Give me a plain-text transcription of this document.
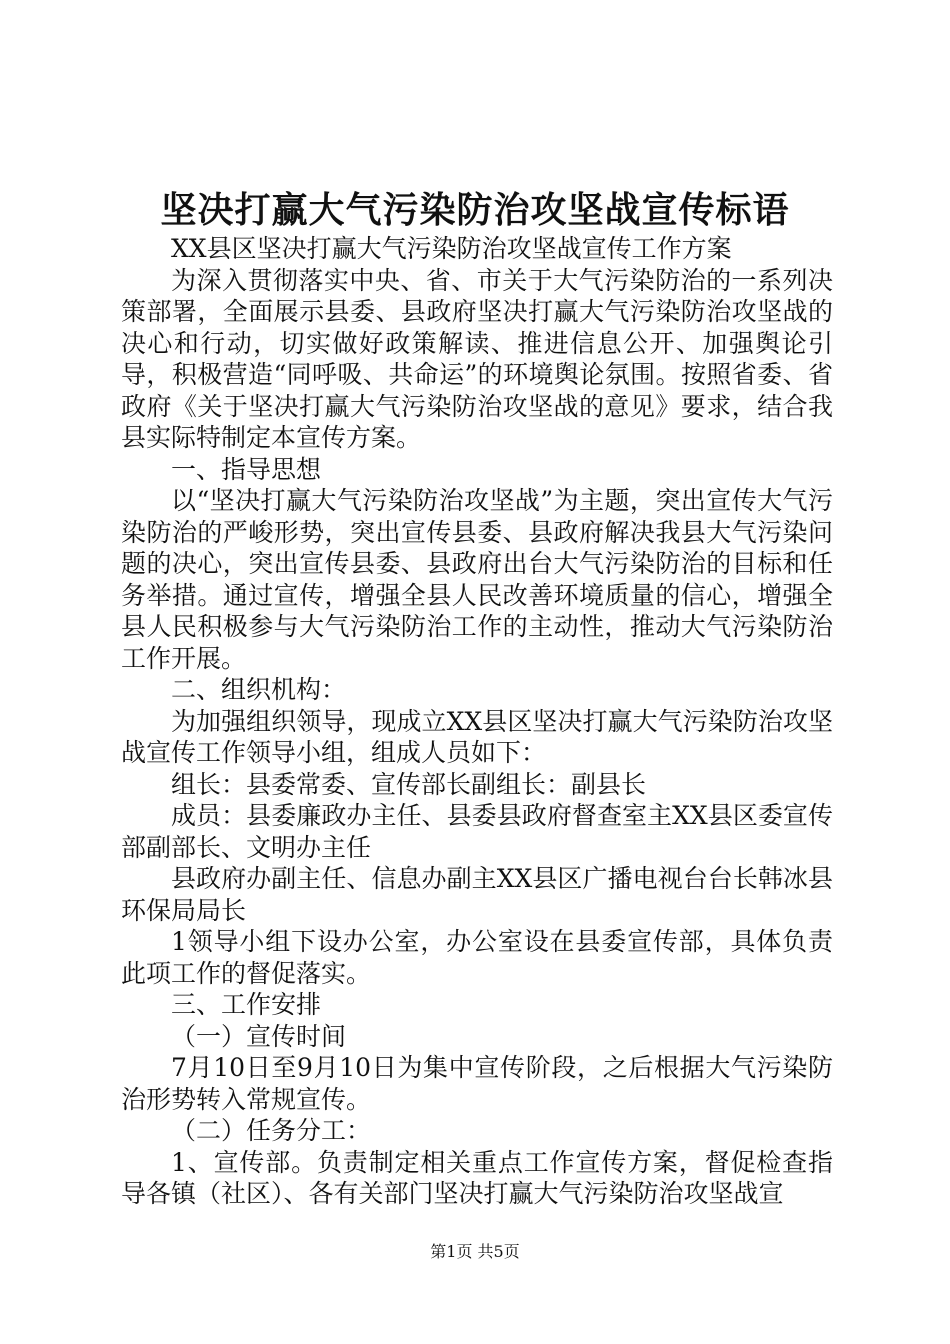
坚决打赢大气污染防治攻坚战宣传标语

XX县区坚决打赢大气污染防治攻坚战宣传工作方案

为深入贯彻落实中央、省、市关于大气污染防治的一系列决策部署，全面展示县委、县政府坚决打赢大气污染防治攻坚战的决心和行动，切实做好政策解读、推进信息公开、加强舆论引导，积极营造“同呼吸、共命运”的环境舆论氛围。按照省委、省政府《关于坚决打赢大气污染防治攻坚战的意见》要求，结合我县实际特制定本宣传方案。

一、指导思想

以“坚决打赢大气污染防治攻坚战”为主题，突出宣传大气污染防治的严峻形势，突出宣传县委、县政府解决我县大气污染问题的决心，突出宣传县委、县政府出台大气污染防治的目标和任务举措。通过宣传，增强全县人民改善环境质量的信心，增强全县人民积极参与大气污染防治工作的主动性，推动大气污染防治工作开展。

二、组织机构：

为加强组织领导，现成立XX县区坚决打赢大气污染防治攻坚战宣传工作领导小组，组成人员如下：

组长：县委常委、宣传部长副组长：副县长

成员：县委廉政办主任、县委县政府督查室主XX县区委宣传部副部长、文明办主任

县政府办副主任、信息办副主XX县区广播电视台台长韩冰县环保局局长

1领导小组下设办公室，办公室设在县委宣传部，具体负责此项工作的督促落实。

三、工作安排

（一）宣传时间

7月10日至9月10日为集中宣传阶段，之后根据大气污染防治形势转入常规宣传。

（二）任务分工：

1、宣传部。负责制定相关重点工作宣传方案，督促检查指导各镇（社区）、各有关部门坚决打赢大气污染防治攻坚战宣

第1页 共5页
